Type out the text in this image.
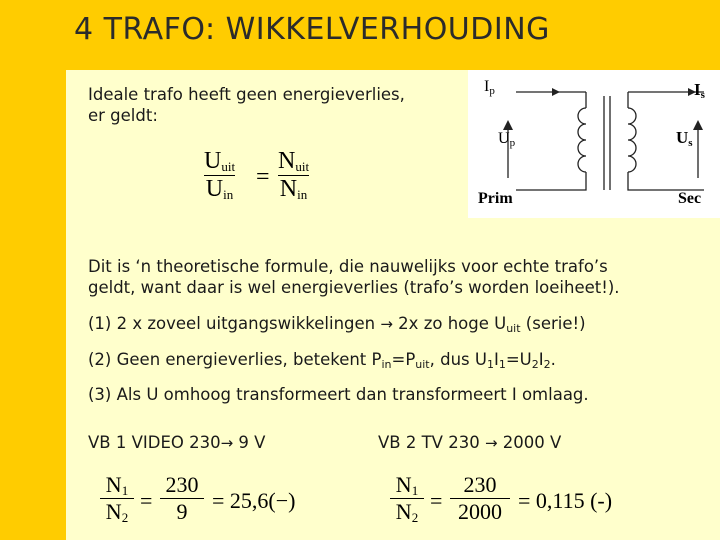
4 TRAFO: WIKKELVERHOUDING
Ideale trafo heeft geen energieverlies,
er geldt:
$U_{uit}$
$U_{in}$
=
$N_{uit}$
$N_{in}$
$I_p$	$I_s$
$U_p$	$U_s$
Prim	Sec
Dit is ‘n theoretische formule, die nauwelijks voor echte trafo’s
geldt, want daar is wel energieverlies (trafo’s worden loeiheet!).
(1) 2 x zoveel uitgangswikkelingen → 2x zo hoge $U_{uit}$ (serie!)
(2) Geen energieverlies, betekent $P_{in}=P_{uit}$, dus $U_1I_1=U_2I_2$.
(3) Als U omhoog transformeert dan transformeert I omlaag.
VB 1 VIDEO 230→ 9 V	VB 2 TV 230 → 2000 V
$N_1$
$N_2$
=
230
9	= 25,6(−)
$N_1$
$N_2$
=
230
2000 = 0,115 (-)
